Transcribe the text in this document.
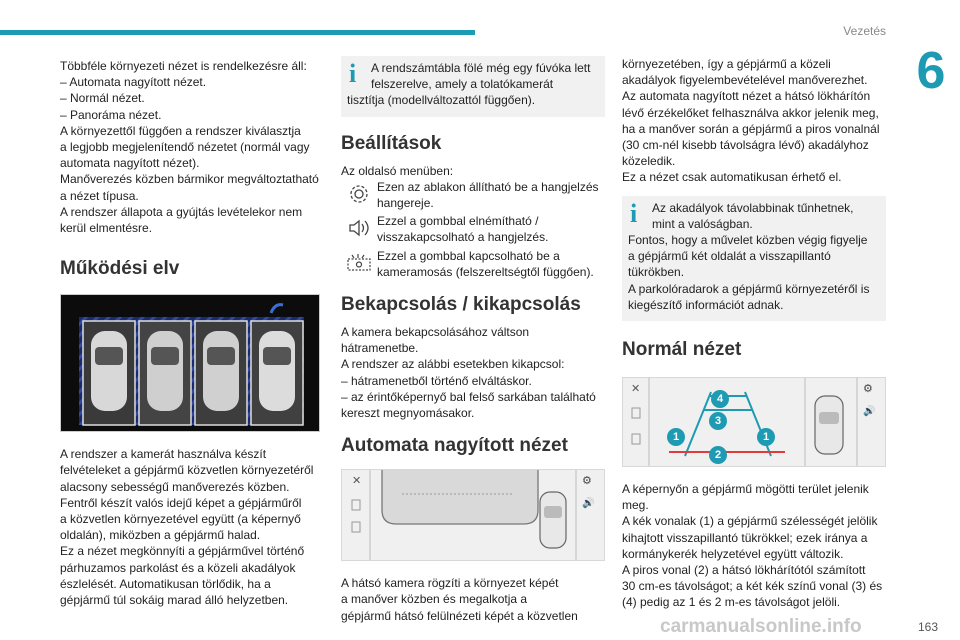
Vezetés
6

Többféle környezeti nézet is rendelkezésre áll:

– Automata nagyított nézet.

– Normál nézet.

– Panoráma nézet.

A környezettől függően a rendszer kiválasztja

a legjobb megjelenítendő nézetet (normál vagy

automata nagyított nézet).

Manőverezés közben bármikor megváltoztatható

a nézet típusa.

A rendszer állapota a gyújtás levételekor nem

kerül elmentésre.

Működési elv

A rendszer a kamerát használva készít

felvételeket a gépjármű közvetlen környezetéről

alacsony sebességű manőverezés közben.

Fentről készít valós idejű képet a gépjárműről

a közvetlen környezetével együtt (a képernyő

oldalán), miközben a gépjármű halad.

Ez a nézet megkönnyíti a gépjárművel történő

párhuzamos parkolást és a közeli akadályok

észlelését. Automatikusan törlődik, ha a

gépjármű túl sokáig marad álló helyzetben.

i	A rendszámtábla fölé még egy fúvóka lett

felszerelve, amely a tolatókamerát

tisztítja (modellváltozattól függően).

Beállítások

Az oldalsó menüben:

Ezen az ablakon állítható be a hangjelzés

hangereje.

Ezzel a gombbal elnémítható /

visszakapcsolható a hangjelzés.

Ezzel a gombbal kapcsolható be a

kameramosás (felszereltségtől függően).

Bekapcsolás / kikapcsolás

A kamera bekapcsolásához váltson

hátramenetbe.

A rendszer az alábbi esetekben kikapcsol:

– hátramenetből történő elváltáskor.

– az érintőképernyő bal felső sarkában található

kereszt megnyomásakor.

Automata nagyított nézet
✕	⚙
🔊

A hátsó kamera rögzíti a környezet képét

a manőver közben és megalkotja a

gépjármű hátsó felülnézeti képét a közvetlen

környezetében, így a gépjármű a közeli

akadályok figyelembevételével manőverezhet.

Az automata nagyított nézet a hátsó lökhárítón

lévő érzékelőket felhasználva akkor jelenik meg,

ha a manőver során a gépjármű a piros vonalnál

(30 cm-nél kisebb távolságra lévő) akadályhoz

közeledik.

Ez a nézet csak automatikusan érhető el.

i	Az akadályok távolabbinak tűnhetnek,

mint a valóságban.

Fontos, hogy a művelet közben végig figyelje

a gépjármű két oldalát a visszapillantó

tükrökben.

A parkolóradarok a gépjármű környezetéről is

kiegészítő információt adnak.

Normál nézet
✕	⚙
🔊
4
3
1	1
2

A képernyőn a gépjármű mögötti terület jelenik

meg.

A kék vonalak (1) a gépjármű szélességét jelölik

kihajtott visszapillantó tükrökkel; ezek iránya a

kormánykerék helyzetével együtt változik.

A piros vonal (2) a hátsó lökhárítótól számított

30 cm-es távolságot; a két kék színű vonal (3) és

(4) pedig az 1 és 2 m-es távolságot jelöli.

carmanualsonline.info	163
